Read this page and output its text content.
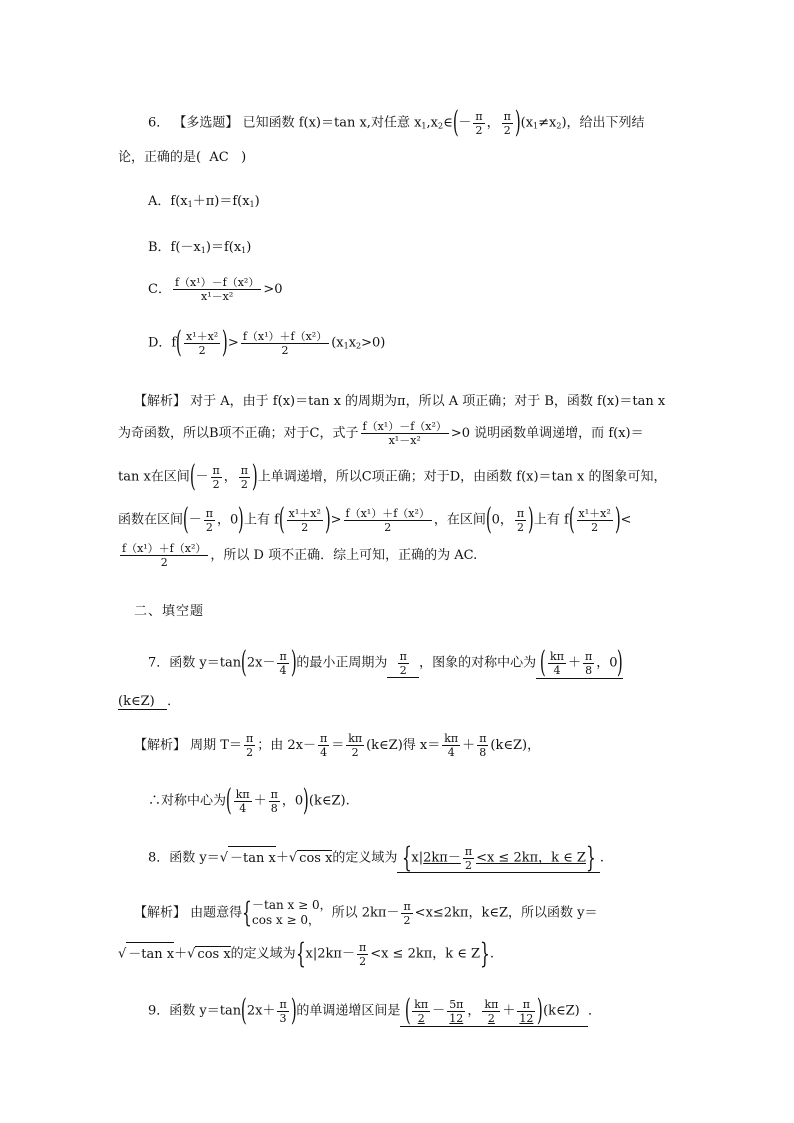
6． 【多选题】 已知函数 f(x)＝tan x,对任意 $x_1,x_2\in(- \frac{\pi}{2}$ ， $\frac{\pi}{2} )(x_1\ne x_2)$，给出下列结
论，正确的是( AC )
A．$f(x_1+\pi)=f(x_1)$
B．$f(-x_1)=f(x_1)$
C． $\frac{\text{f（x¹）－f（x²）}}{\text{x¹－x²}} >0$
D．$f( \frac{\text{x¹＋x²}}{2}$ )> $\frac{\text{f（x¹）＋f（x²）}}{2} (x_1x_2>0)$
【解析】 对于 A，由于 f(x)＝tan x 的周期为π，所以 A 项正确；对于 B，函数 f(x)＝tan x
为奇函数，所以B项不正确；对于C，式子 $\frac{\text{f（x¹）－f（x²）}}{\text{x¹－x²}} >0$ 说明函数单调递增，而 f(x)＝
tan x在区间(－ $\frac{\pi}{2}$ ， $\frac{\pi}{2}$ )上单调递增，所以C项正确；对于D，由函数 f(x)＝tan x 的图象可知，
函数在区间(－ $\frac{\pi}{2}$ ，0)上有 $f( \frac{\text{x¹＋x²}}{2}$ )> $\frac{\text{f（x¹）＋f（x²）}}{2}$ ，在区间(0， $\frac{\pi}{2}$ )上有 $f( \frac{\text{x¹＋x²}}{2}$ )<
$\frac{\text{f（x¹）＋f（x²）}}{2}$ ，所以 D 项不正确．综上可知，正确的为 AC.
二、填空题
7．函数 $y=\tan(2x- \frac{\pi}{4}$ )的最小正周期为 $\frac{\pi}{2}$ ，图象的对称中心为 ( $\frac{k\pi}{4} + \frac{\pi}{8}$ ，0)
(k∈Z) ．
【解析】 周期 $T= \frac{\pi}{2}$ ；由 $2x- \frac{\pi}{4} = \frac{k\pi}{2}$ (k∈Z)得 $x= \frac{k\pi}{4} + \frac{\pi}{8}$ (k∈Z)，
∴对称中心为( $\frac{k\pi}{4} + \frac{\pi}{8}$ ，0)(k∈Z).
8．函数 y＝√ －tan x＋√ cos x的定义域为 {$x|2k\pi- \frac{\pi}{2} <x \le 2k\pi$，k ∈ Z} .
【解析】 由题意得{ －tan x ≥ 0，
cos x ≥ 0， 所以 $2k\pi- \frac{\pi}{2} <x\le 2k\pi$，k∈Z，所以函数 y＝
√ －tan x＋√ cos x的定义域为{$x|2k\pi- \frac{\pi}{2} <x \le 2k\pi$，k ∈ Z}.
9．函数 $y=\tan(2x+ \frac{\pi}{3}$ )的单调递增区间是 ( $\frac{k\pi}{2} - \frac{5\pi}{12}$ ， $\frac{k\pi}{2} + \frac{\pi}{12}$ )(k∈Z) ．
